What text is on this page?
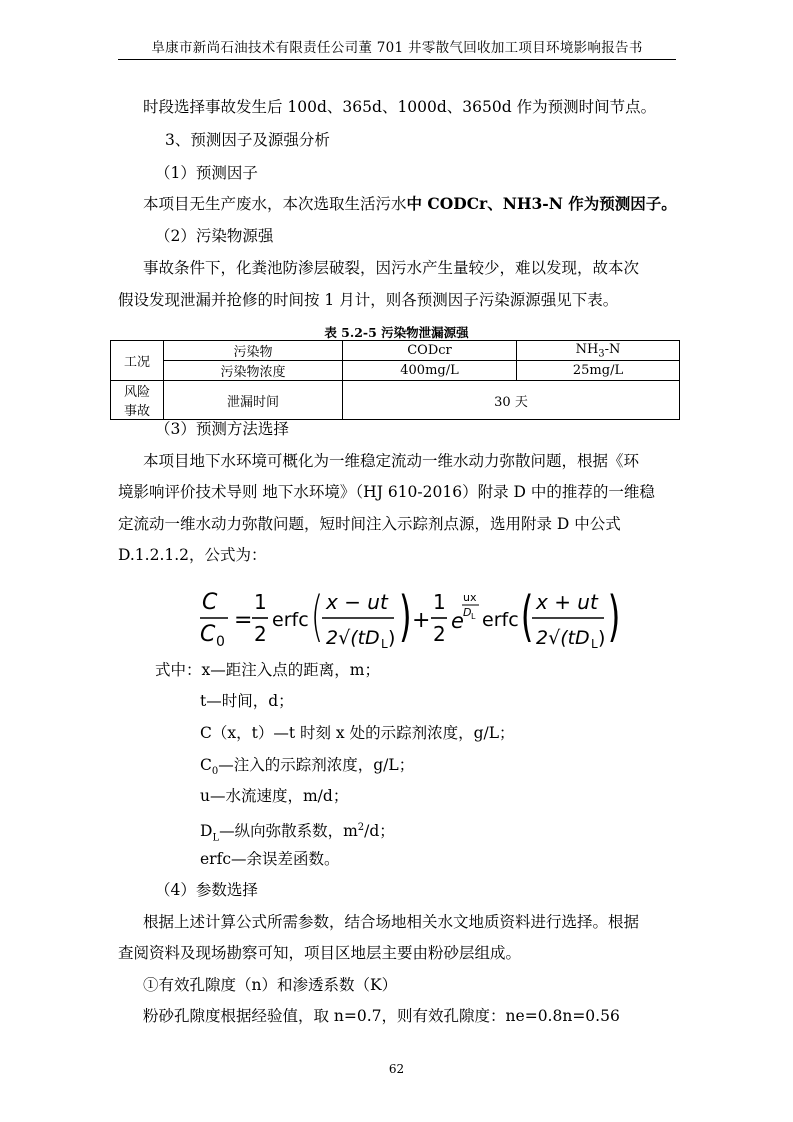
阜康市新尚石油技术有限责任公司董 701 井零散气回收加工项目环境影响报告书
时段选择事故发生后 100d、365d、1000d、3650d 作为预测时间节点。
3、预测因子及源强分析
（1）预测因子
本项目无生产废水，本次选取生活污水中 CODCr、NH3-N 作为预测因子。
（2）污染物源强
事故条件下，化粪池防渗层破裂，因污水产生量较少，难以发现，故本次
假设发现泄漏并抢修的时间按 1 月计，则各预测因子污染源源强见下表。
表 5.2-5 污染物泄漏源强
工况	污染物	CODcr	$NH_3-N$
	污染物浓度	400mg/L	25mg/L

风险
事故	泄漏时间	30 天	
（3）预测方法选择
本项目地下水环境可概化为一维稳定流动一维水动力弥散问题，根据《环
境影响评价技术导则 地下水环境》（HJ 610-2016）附录 D 中的推荐的一维稳
定流动一维水动力弥散问题，短时间注入示踪剂点源，选用附录 D 中公式
D.1.2.1.2，公式为：
C
C 0
=
1
2
erfc ( x − ut
2√(tD L ) ) +
1
2
e
ux
D L erfc ( x + ut
2√(tD L ) )
式中：x—距注入点的距离，m；
t—时间，d；
C（x，t）—t 时刻 x 处的示踪剂浓度，g/L；
$C_0—$注入的示踪剂浓度，g/L；
u—水流速度，m/d；
$D_L—$纵向弥散系数，$m^2/d$；
erfc—余误差函数。
（4）参数选择
根据上述计算公式所需参数，结合场地相关水文地质资料进行选择。根据
查阅资料及现场勘察可知，项目区地层主要由粉砂层组成。
①有效孔隙度（n）和渗透系数（K）
粉砂孔隙度根据经验值，取 n=0.7，则有效孔隙度：ne=0.8n=0.56
62
